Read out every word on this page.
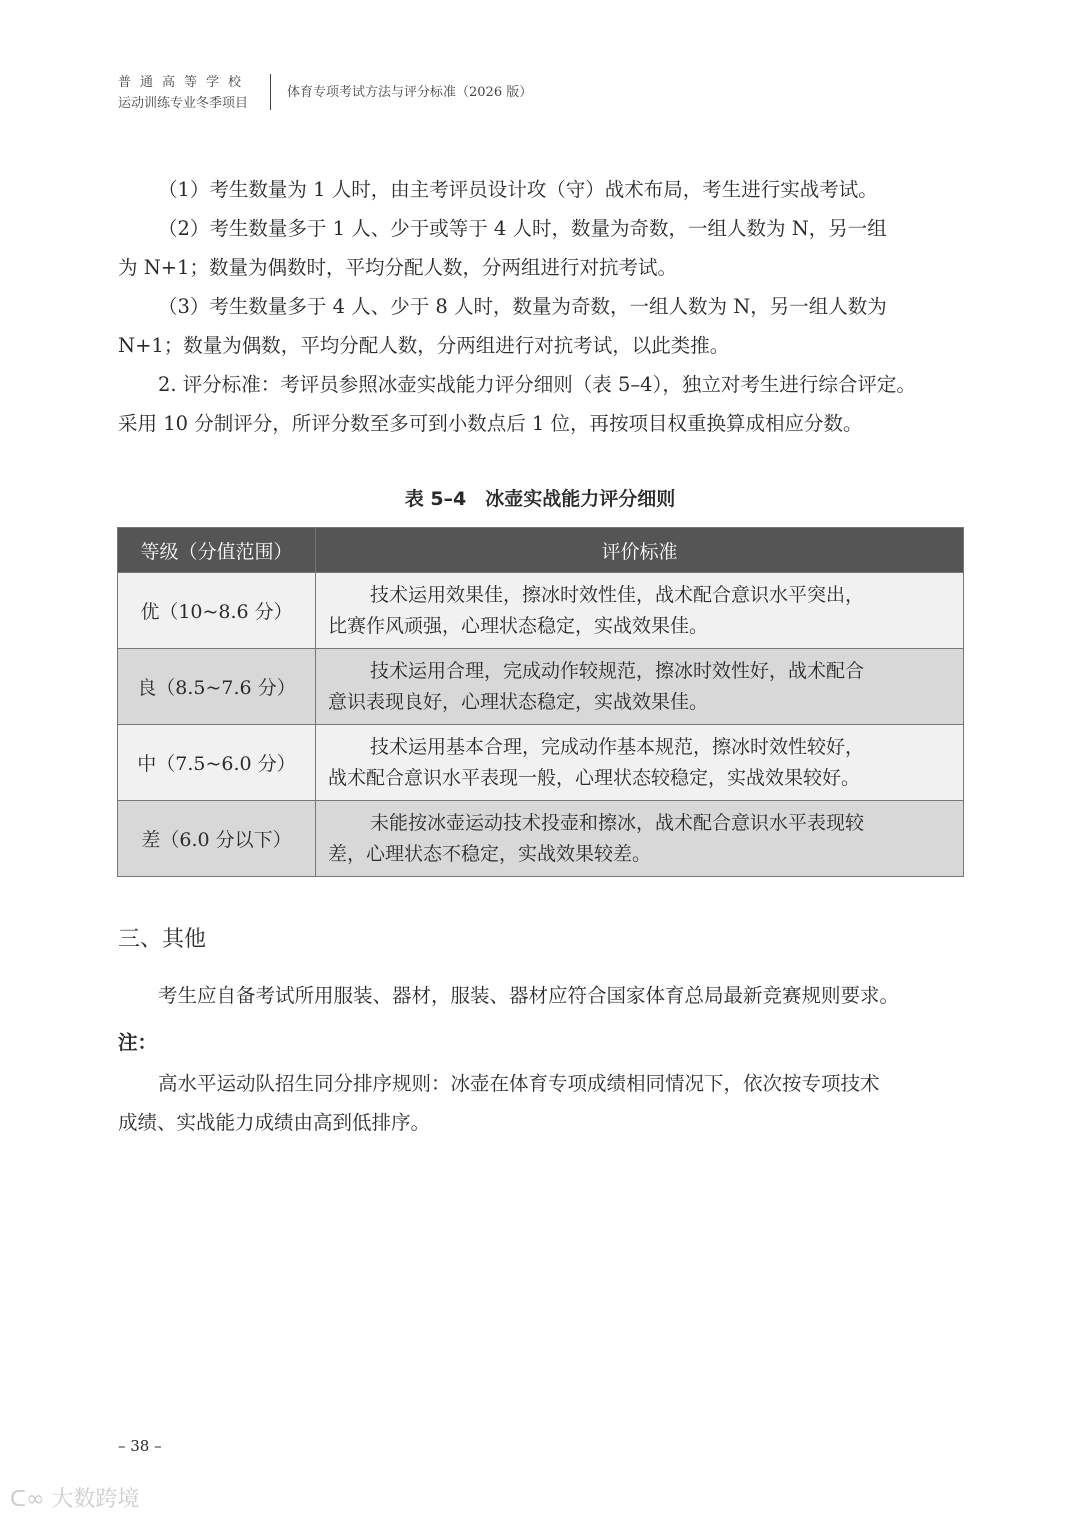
普通高等学校
运动训练专业冬季项目
体育专项考试方法与评分标准（2026 版）
（1）考生数量为 1 人时，由主考评员设计攻（守）战术布局，考生进行实战考试。
（2）考生数量多于 1 人、少于或等于 4 人时，数量为奇数，一组人数为 N，另一组
为 N+1；数量为偶数时，平均分配人数，分两组进行对抗考试。
（3）考生数量多于 4 人、少于 8 人时，数量为奇数，一组人数为 N，另一组人数为
N+1；数量为偶数，平均分配人数，分两组进行对抗考试，以此类推。
2. 评分标准：考评员参照冰壶实战能力评分细则（表 5–4），独立对考生进行综合评定。
采用 10 分制评分，所评分数至多可到小数点后 1 位，再按项目权重换算成相应分数。
表 5–4　冰壶实战能力评分细则
等级（分值范围）	评价标准
优（10~8.6 分）	技术运用效果佳，擦冰时效性佳，战术配合意识水平突出，
比赛作风顽强，心理状态稳定，实战效果佳。

良（8.5~7.6 分）	技术运用合理，完成动作较规范，擦冰时效性好，战术配合
意识表现良好，心理状态稳定，实战效果佳。

中（7.5~6.0 分）	技术运用基本合理，完成动作基本规范，擦冰时效性较好，
战术配合意识水平表现一般，心理状态较稳定，实战效果较好。

差（6.0 分以下）	未能按冰壶运动技术投壶和擦冰，战术配合意识水平表现较
差，心理状态不稳定，实战效果较差。
三、其他
考生应自备考试所用服装、器材，服装、器材应符合国家体育总局最新竞赛规则要求。
注：
高水平运动队招生同分排序规则：冰壶在体育专项成绩相同情况下，依次按专项技术
成绩、实战能力成绩由高到低排序。
– 38 –
ᑕ∞ 大数跨境
